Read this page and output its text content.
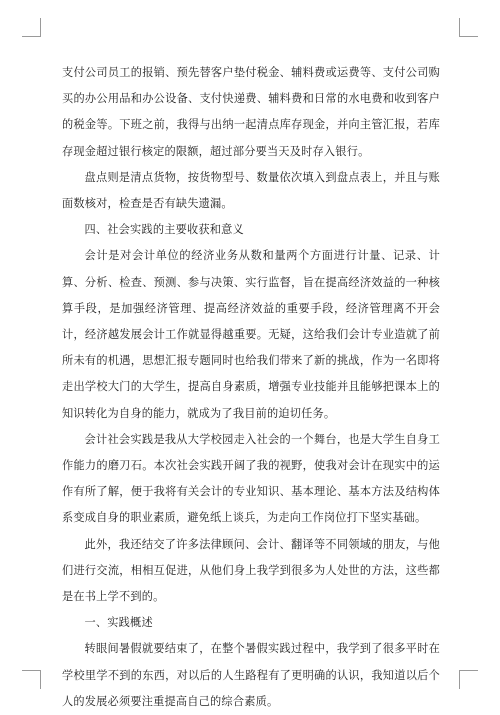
支付公司员工的报销、预先替客户垫付税金、辅料费或运费等、支付公司购买的办公用品和办公设备、支付快递费、辅料费和日常的水电费和收到客户的税金等。下班之前，我得与出纳一起清点库存现金，并向主管汇报，若库存现金超过银行核定的限额，超过部分要当天及时存入银行。

盘点则是清点货物，按货物型号、数量依次填入到盘点表上，并且与账面数核对，检查是否有缺失遗漏。

四、社会实践的主要收获和意义

会计是对会计单位的经济业务从数和量两个方面进行计量、记录、计算、分析、检查、预测、参与决策、实行监督，旨在提高经济效益的一种核算手段，是加强经济管理、提高经济效益的重要手段，经济管理离不开会计，经济越发展会计工作就显得越重要。无疑，这给我们会计专业造就了前所未有的机遇，思想汇报专题同时也给我们带来了新的挑战，作为一名即将走出学校大门的大学生，提高自身素质，增强专业技能并且能够把课本上的知识转化为自身的能力，就成为了我目前的迫切任务。

会计社会实践是我从大学校园走入社会的一个舞台，也是大学生自身工作能力的磨刀石。本次社会实践开阔了我的视野，使我对会计在现实中的运作有所了解，便于我将有关会计的专业知识、基本理论、基本方法及结构体系变成自身的职业素质，避免纸上谈兵，为走向工作岗位打下坚实基础。

此外，我还结交了许多法律顾问、会计、翻译等不同领域的朋友，与他们进行交流，相相互促进，从他们身上我学到很多为人处世的方法，这些都是在书上学不到的。

一、实践概述

转眼间暑假就要结束了，在整个暑假实践过程中，我学到了很多平时在学校里学不到的东西，对以后的人生路程有了更明确的认识，我知道以后个人的发展必须要注重提高自己的综合素质。
